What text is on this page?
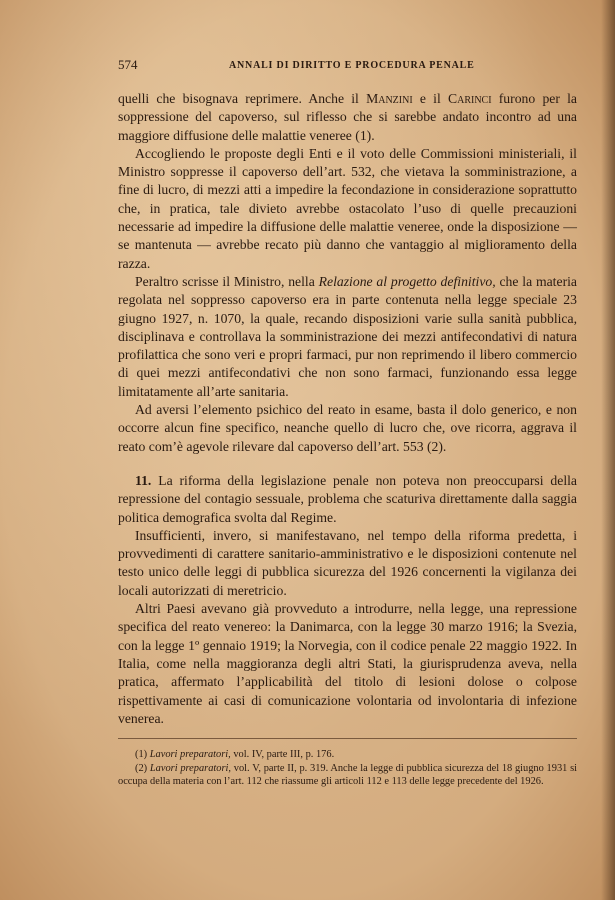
574	ANNALI DI DIRITTO E PROCEDURA PENALE

quelli che bisognava reprimere. Anche il Manzini e il Carinci furono per la soppressione del capoverso, sul riflesso che si sarebbe andato incontro ad una maggiore diffusione delle malattie veneree (1).

Accogliendo le proposte degli Enti e il voto delle Commissioni ministeriali, il Ministro soppresse il capoverso dell’art. 532, che vietava la somministrazione, a fine di lucro, di mezzi atti a impedire la fecondazione in considerazione soprattutto che, in pratica, tale divieto avrebbe ostacolato l’uso di quelle precauzioni necessarie ad impedire la diffusione delle malattie veneree, onde la disposizione — se mantenuta — avrebbe recato più danno che vantaggio al miglioramento della razza.

Peraltro scrisse il Ministro, nella Relazione al progetto definitivo, che la materia regolata nel soppresso capoverso era in parte contenuta nella legge speciale 23 giugno 1927, n. 1070, la quale, recando disposizioni varie sulla sanità pubblica, disciplinava e controllava la somministrazione dei mezzi antifecondativi di natura profilattica che sono veri e propri farmaci, pur non reprimendo il libero commercio di quei mezzi antifecondativi che non sono farmaci, funzionando essa legge limitatamente all’arte sanitaria.

Ad aversi l’elemento psichico del reato in esame, basta il dolo generico, e non occorre alcun fine specifico, neanche quello di lucro che, ove ricorra, aggrava il reato com’è agevole rilevare dal capoverso dell’art. 553 (2).

11. La riforma della legislazione penale non poteva non preoccuparsi della repressione del contagio sessuale, problema che scaturiva direttamente dalla saggia politica demografica svolta dal Regime.

Insufficienti, invero, si manifestavano, nel tempo della riforma predetta, i provvedimenti di carattere sanitario-amministrativo e le disposizioni contenute nel testo unico delle leggi di pubblica sicurezza del 1926 concernenti la vigilanza dei locali autorizzati di meretricio.

Altri Paesi avevano già provveduto a introdurre, nella legge, una repressione specifica del reato venereo: la Danimarca, con la legge 30 marzo 1916; la Svezia, con la legge 1º gennaio 1919; la Norvegia, con il codice penale 22 maggio 1922. In Italia, come nella maggioranza degli altri Stati, la giurisprudenza aveva, nella pratica, affermato l’applicabilità del titolo di lesioni dolose o colpose rispettivamente ai casi di comunicazione volontaria od involontaria di infezione venerea.

(1) Lavori preparatori, vol. IV, parte III, p. 176.

(2) Lavori preparatori, vol. V, parte II, p. 319. Anche la legge di pubblica sicurezza del 18 giugno 1931 si occupa della materia con l’art. 112 che riassume gli articoli 112 e 113 delle legge precedente del 1926.
